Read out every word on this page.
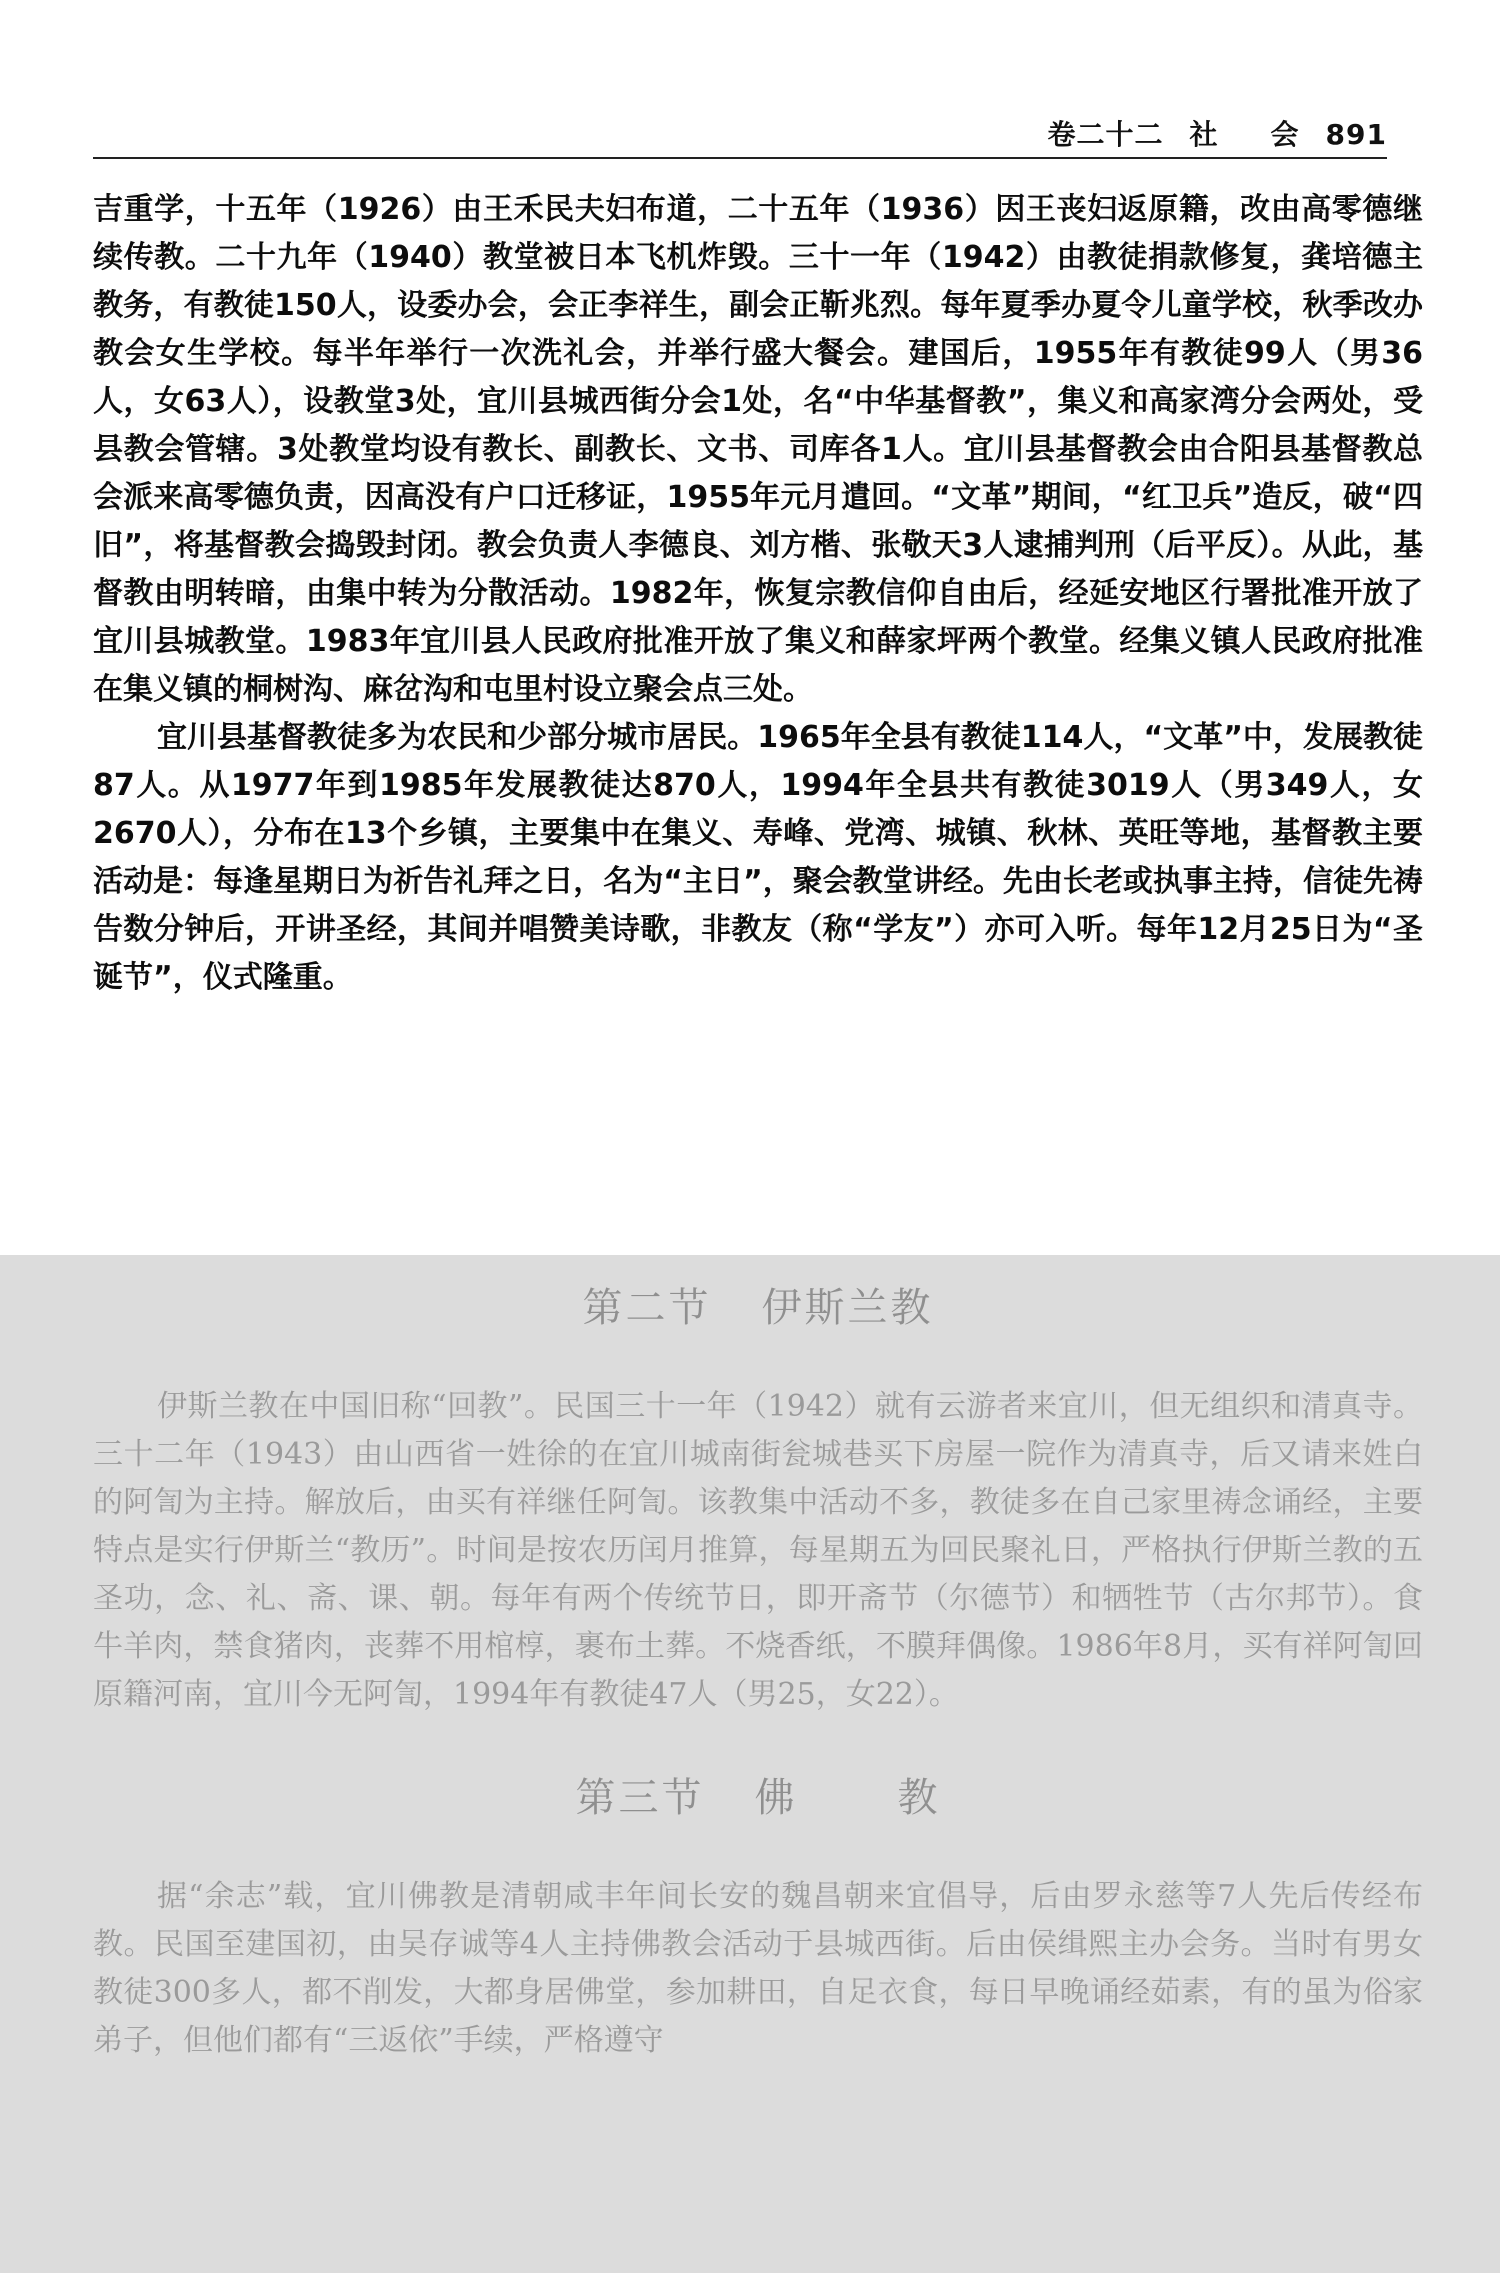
卷二十二 社 会 891

吉重学，十五年（1926）由王禾民夫妇布道，二十五年（1936）因王丧妇返原籍，改由高零德继续传教。二十九年（1940）教堂被日本飞机炸毁。三十一年（1942）由教徒捐款修复，龚培德主教务，有教徒150人，设委办会，会正李祥生，副会正靳兆烈。每年夏季办夏令儿童学校，秋季改办教会女生学校。每半年举行一次洗礼会，并举行盛大餐会。建国后，1955年有教徒99人（男36人，女63人），设教堂3处，宜川县城西街分会1处，名“中华基督教”，集义和高家湾分会两处，受县教会管辖。3处教堂均设有教长、副教长、文书、司库各1人。宜川县基督教会由合阳县基督教总会派来高零德负责，因高没有户口迁移证，1955年元月遣回。“文革”期间，“红卫兵”造反，破“四旧”，将基督教会捣毁封闭。教会负责人李德良、刘方楷、张敬天3人逮捕判刑（后平反）。从此，基督教由明转暗，由集中转为分散活动。1982年，恢复宗教信仰自由后，经延安地区行署批准开放了宜川县城教堂。1983年宜川县人民政府批准开放了集义和薛家坪两个教堂。经集义镇人民政府批准在集义镇的桐树沟、麻岔沟和屯里村设立聚会点三处。

宜川县基督教徒多为农民和少部分城市居民。1965年全县有教徒114人，“文革”中，发展教徒87人。从1977年到1985年发展教徒达870人，1994年全县共有教徒3019人（男349人，女2670人），分布在13个乡镇，主要集中在集义、寿峰、党湾、城镇、秋林、英旺等地，基督教主要活动是：每逢星期日为祈告礼拜之日，名为“主日”，聚会教堂讲经。先由长老或执事主持，信徒先祷告数分钟后，开讲圣经，其间并唱赞美诗歌，非教友（称“学友”）亦可入听。每年12月25日为“圣诞节”，仪式隆重。

第二节 伊斯兰教

伊斯兰教在中国旧称“回教”。民国三十一年（1942）就有云游者来宜川，但无组织和清真寺。三十二年（1943）由山西省一姓徐的在宜川城南街瓮城巷买下房屋一院作为清真寺，后又请来姓白的阿訇为主持。解放后，由买有祥继任阿訇。该教集中活动不多，教徒多在自己家里祷念诵经，主要特点是实行伊斯兰“教历”。时间是按农历闰月推算，每星期五为回民聚礼日，严格执行伊斯兰教的五圣功，念、礼、斋、课、朝。每年有两个传统节日，即开斋节（尔德节）和牺牲节（古尔邦节）。食牛羊肉，禁食猪肉，丧葬不用棺椁，裹布土葬。不烧香纸，不膜拜偶像。1986年8月，买有祥阿訇回原籍河南，宜川今无阿訇，1994年有教徒47人（男25，女22）。

第三节 佛	教

据“余志”载，宜川佛教是清朝咸丰年间长安的魏昌朝来宜倡导，后由罗永慈等7人先后传经布教。民国至建国初，由吴存诚等4人主持佛教会活动于县城西街。后由侯缉熙主办会务。当时有男女教徒300多人，都不削发，大都身居佛堂，参加耕田，自足衣食，每日早晚诵经茹素，有的虽为俗家弟子，但他们都有“三返依”手续，严格遵守
